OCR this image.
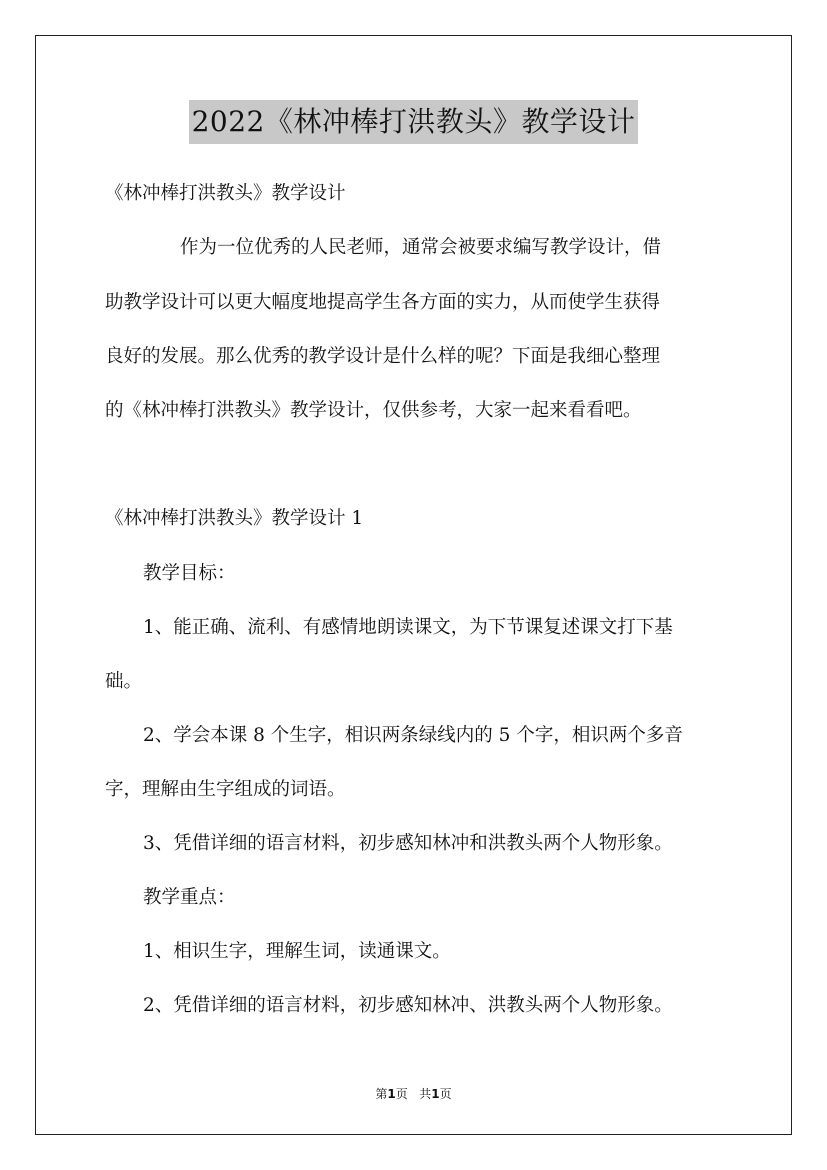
2022《林冲棒打洪教头》教学设计
《林冲棒打洪教头》教学设计
作为一位优秀的人民老师，通常会被要求编写教学设计，借
助教学设计可以更大幅度地提高学生各方面的实力，从而使学生获得
良好的发展。那么优秀的教学设计是什么样的呢？下面是我细心整理
的《林冲棒打洪教头》教学设计，仅供参考，大家一起来看看吧。
《林冲棒打洪教头》教学设计 1
教学目标：
1、能正确、流利、有感情地朗读课文，为下节课复述课文打下基
础。
2、学会本课 8 个生字，相识两条绿线内的 5 个字，相识两个多音
字，理解由生字组成的词语。
3、凭借详细的语言材料，初步感知林冲和洪教头两个人物形象。
教学重点：
1、相识生字，理解生词，读通课文。
2、凭借详细的语言材料，初步感知林冲、洪教头两个人物形象。
第1页 共1页
